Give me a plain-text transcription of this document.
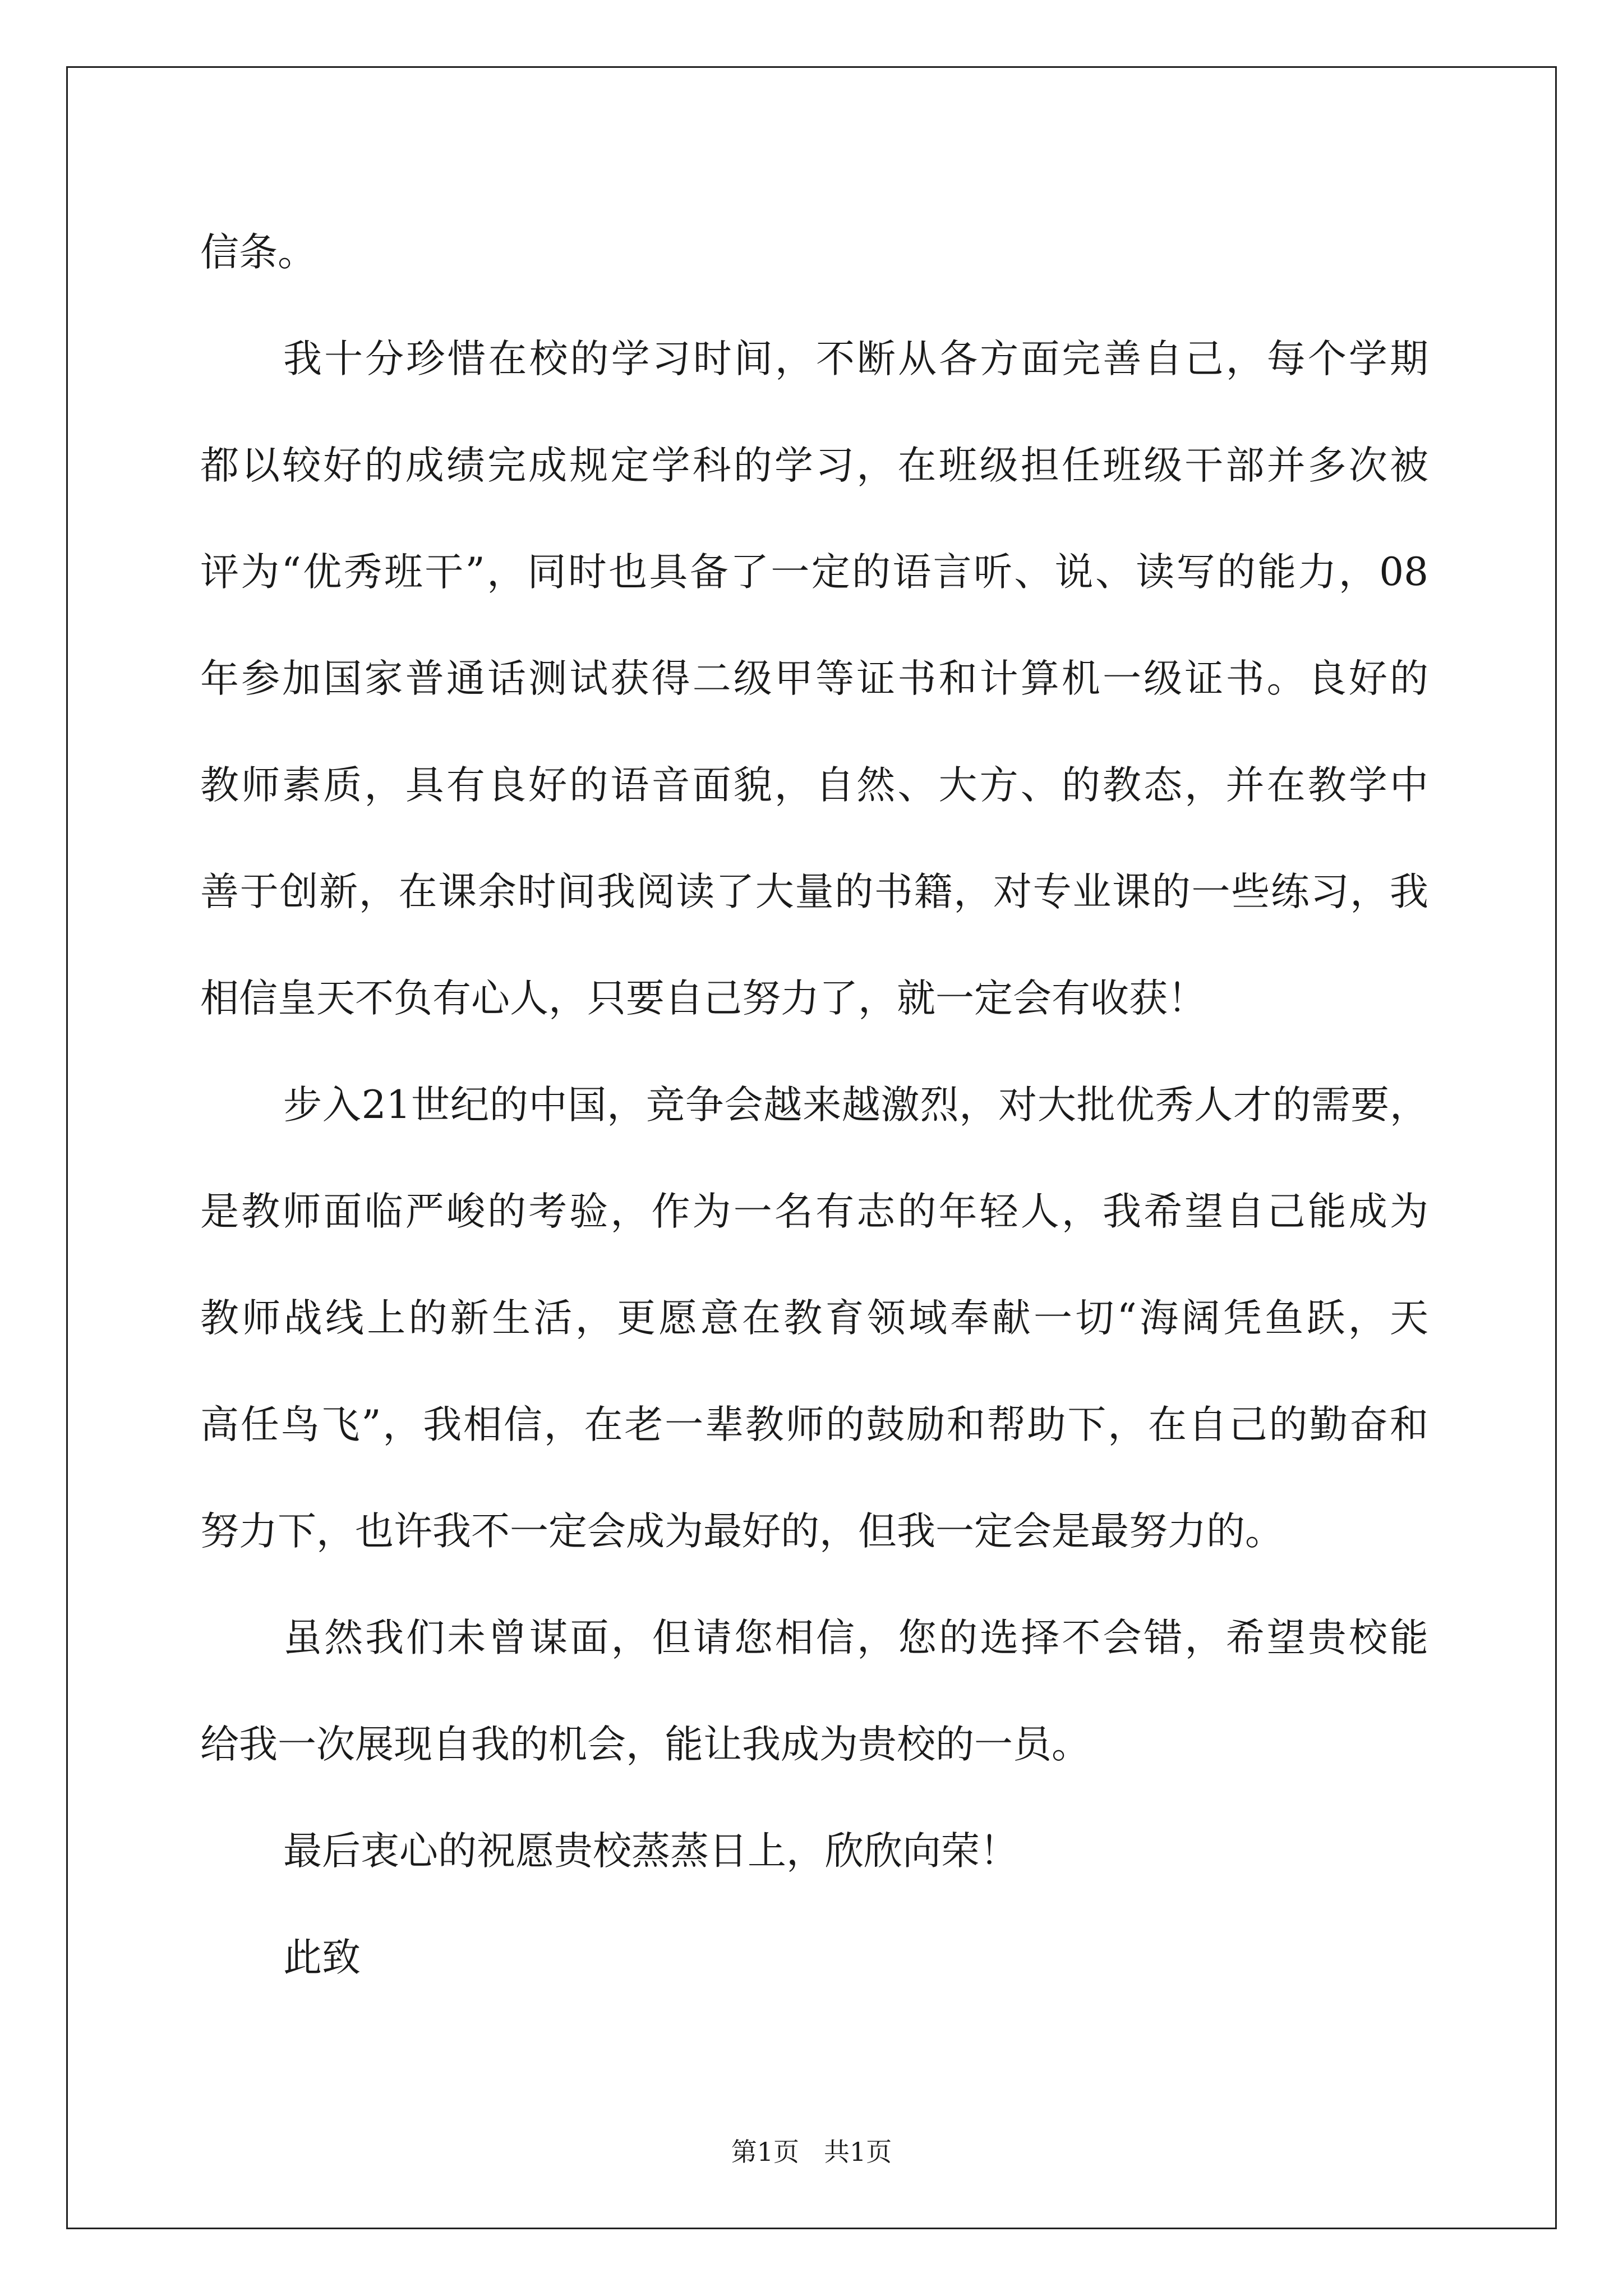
信条。
我十分珍惜在校的学习时间，不断从各方面完善自己，每个学期
都以较好的成绩完成规定学科的学习，在班级担任班级干部并多次被
评为“优秀班干”，同时也具备了一定的语言听、说、读写的能力，08
年参加国家普通话测试获得二级甲等证书和计算机一级证书。良好的
教师素质，具有良好的语音面貌，自然、大方、的教态，并在教学中
善于创新，在课余时间我阅读了大量的书籍，对专业课的一些练习，我
相信皇天不负有心人，只要自己努力了，就一定会有收获！
步入21世纪的中国，竞争会越来越激烈，对大批优秀人才的需要，
是教师面临严峻的考验，作为一名有志的年轻人，我希望自己能成为
教师战线上的新生活，更愿意在教育领域奉献一切“海阔凭鱼跃，天
高任鸟飞”，我相信，在老一辈教师的鼓励和帮助下，在自己的勤奋和
努力下，也许我不一定会成为最好的，但我一定会是最努力的。
虽然我们未曾谋面，但请您相信，您的选择不会错，希望贵校能
给我一次展现自我的机会，能让我成为贵校的一员。
最后衷心的祝愿贵校蒸蒸日上，欣欣向荣！
此致
第1页 共1页
